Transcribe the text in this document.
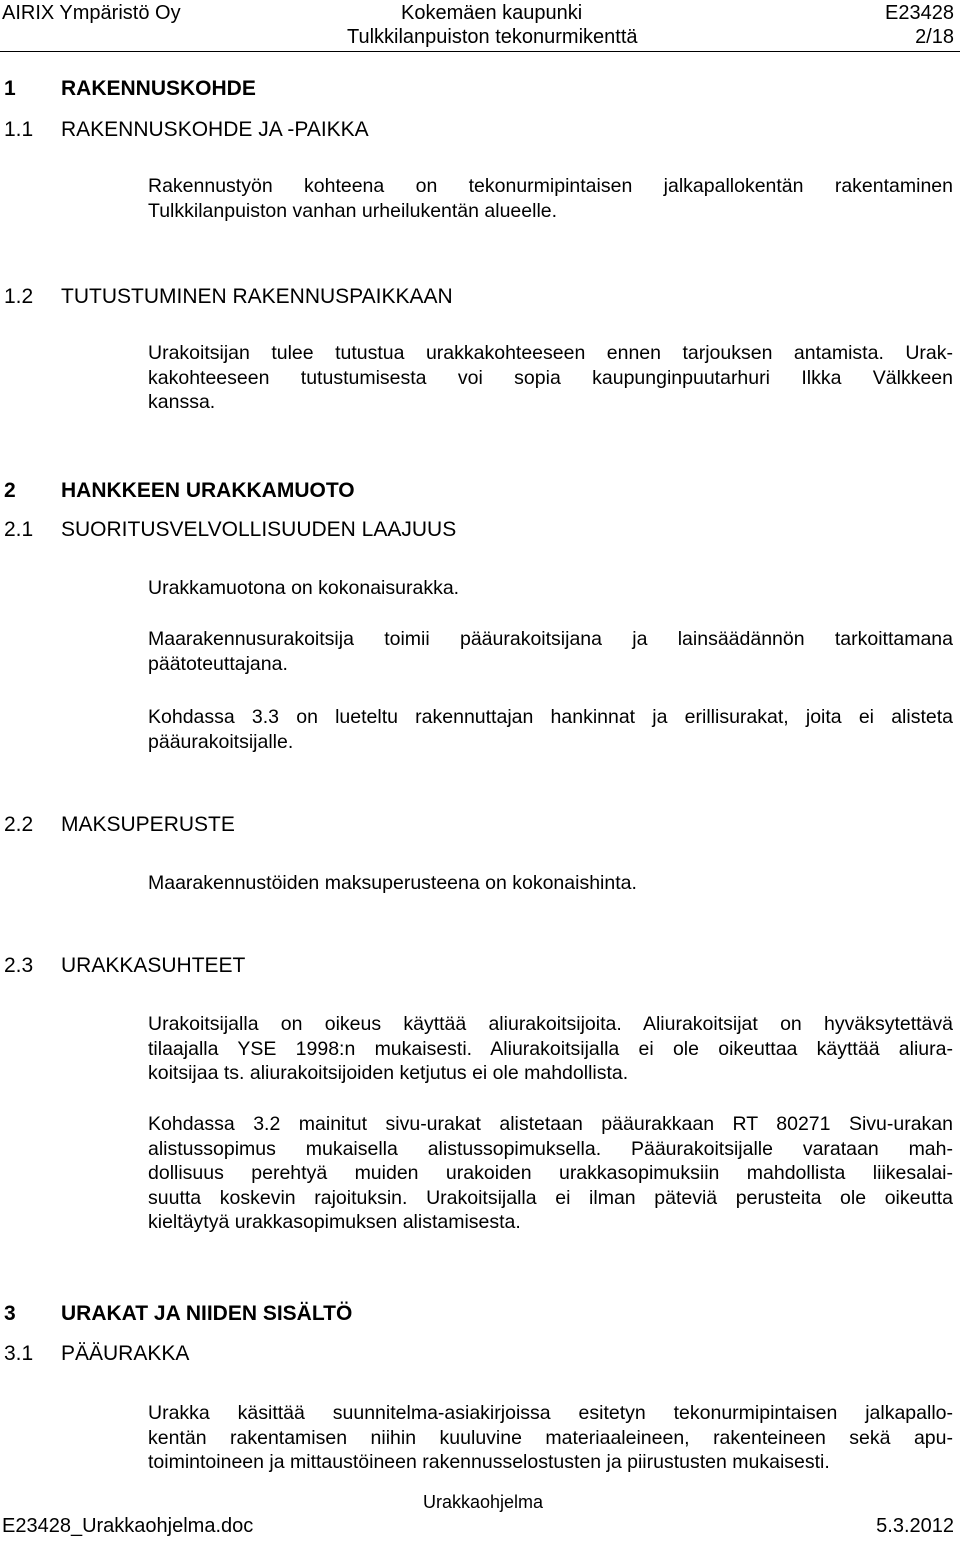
AIRIX Ympäristö Oy	Kokemäen kaupunki
Tulkkilanpuiston tekonurmikenttä
E23428
2/18
1 RAKENNUSKOHDE
1.1 RAKENNUSKOHDE JA -PAIKKA
Rakennustyön kohteena on tekonurmipintaisen jalkapallokentän rakentaminen
Tulkkilanpuiston vanhan urheilukentän alueelle.
1.2 TUTUSTUMINEN RAKENNUSPAIKKAAN
Urakoitsijan tulee tutustua urakkakohteeseen ennen tarjouksen antamista. Urak-
kakohteeseen tutustumisesta voi sopia kaupunginpuutarhuri Ilkka Välkkeen
kanssa.
2 HANKKEEN URAKKAMUOTO
2.1 SUORITUSVELVOLLISUUDEN LAAJUUS
Urakkamuotona on kokonaisurakka.
Maarakennusurakoitsija toimii pääurakoitsijana ja lainsäädännön tarkoittamana
päätoteuttajana.
Kohdassa 3.3 on lueteltu rakennuttajan hankinnat ja erillisurakat, joita ei alisteta
pääurakoitsijalle.
2.2 MAKSUPERUSTE
Maarakennustöiden maksuperusteena on kokonaishinta.
2.3 URAKKASUHTEET
Urakoitsijalla on oikeus käyttää aliurakoitsijoita. Aliurakoitsijat on hyväksytettävä
tilaajalla YSE 1998:n mukaisesti. Aliurakoitsijalla ei ole oikeuttaa käyttää aliura-
koitsijaa ts. aliurakoitsijoiden ketjutus ei ole mahdollista.
Kohdassa 3.2 mainitut sivu-urakat alistetaan pääurakkaan RT 80271 Sivu-urakan
alistussopimus mukaisella alistussopimuksella. Pääurakoitsijalle varataan mah-
dollisuus perehtyä muiden urakoiden urakkasopimuksiin mahdollista liikesalai-
suutta koskevin rajoituksin. Urakoitsijalla ei ilman päteviä perusteita ole oikeutta
kieltäytyä urakkasopimuksen alistamisesta.
3 URAKAT JA NIIDEN SISÄLTÖ
3.1 PÄÄURAKKA
Urakka käsittää suunnitelma-asiakirjoissa esitetyn tekonurmipintaisen jalkapallo-
kentän rakentamisen niihin kuuluvine materiaaleineen, rakenteineen sekä apu-
toimintoineen ja mittaustöineen rakennusselostusten ja piirustusten mukaisesti.
Urakkaohjelma
E23428_Urakkaohjelma.doc	5.3.2012
